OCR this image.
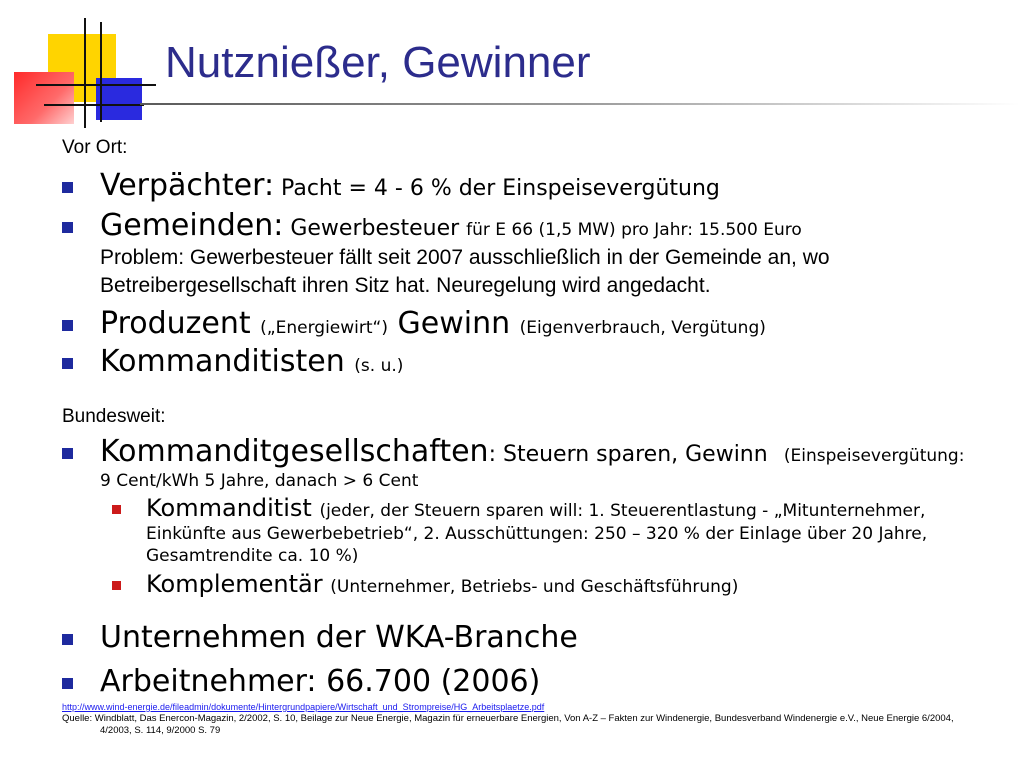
Nutznießer, Gewinner
Vor Ort:
Verpächter: Pacht = 4 - 6 % der Einspeisevergütung
Gemeinden: Gewerbesteuer für E 66 (1,5 MW) pro Jahr: 15.500 Euro
Problem: Gewerbesteuer fällt seit 2007 ausschließlich in der Gemeinde an, wo
Betreibergesellschaft ihren Sitz hat. Neuregelung wird angedacht.
Produzent („Energiewirt“) Gewinn (Eigenverbrauch, Vergütung)
Kommanditisten (s. u.)
Bundesweit:
Kommanditgesellschaften: Steuern sparen, Gewinn   (Einspeisevergütung:
9 Cent/kWh 5 Jahre, danach > 6 Cent
Kommanditist (jeder, der Steuern sparen will: 1. Steuerentlastung - „Mitunternehmer,
Einkünfte aus Gewerbebetrieb“, 2. Ausschüttungen: 250 – 320 % der Einlage über 20 Jahre,
Gesamtrendite ca. 10 %)
Komplementär (Unternehmer, Betriebs- und Geschäftsführung)
Unternehmen der WKA-Branche
Arbeitnehmer: 66.700 (2006)
http://www.wind-energie.de/fileadmin/dokumente/Hintergrundpapiere/Wirtschaft_und_Strompreise/HG_Arbeitsplaetze.pdf
Quelle: Windblatt, Das Enercon-Magazin, 2/2002, S. 10, Beilage zur Neue Energie, Magazin für erneuerbare Energien, Von A-Z – Fakten zur Windenergie, Bundesverband Windenergie e.V., Neue Energie 6/2004,
4/2003, S. 114, 9/2000 S. 79
